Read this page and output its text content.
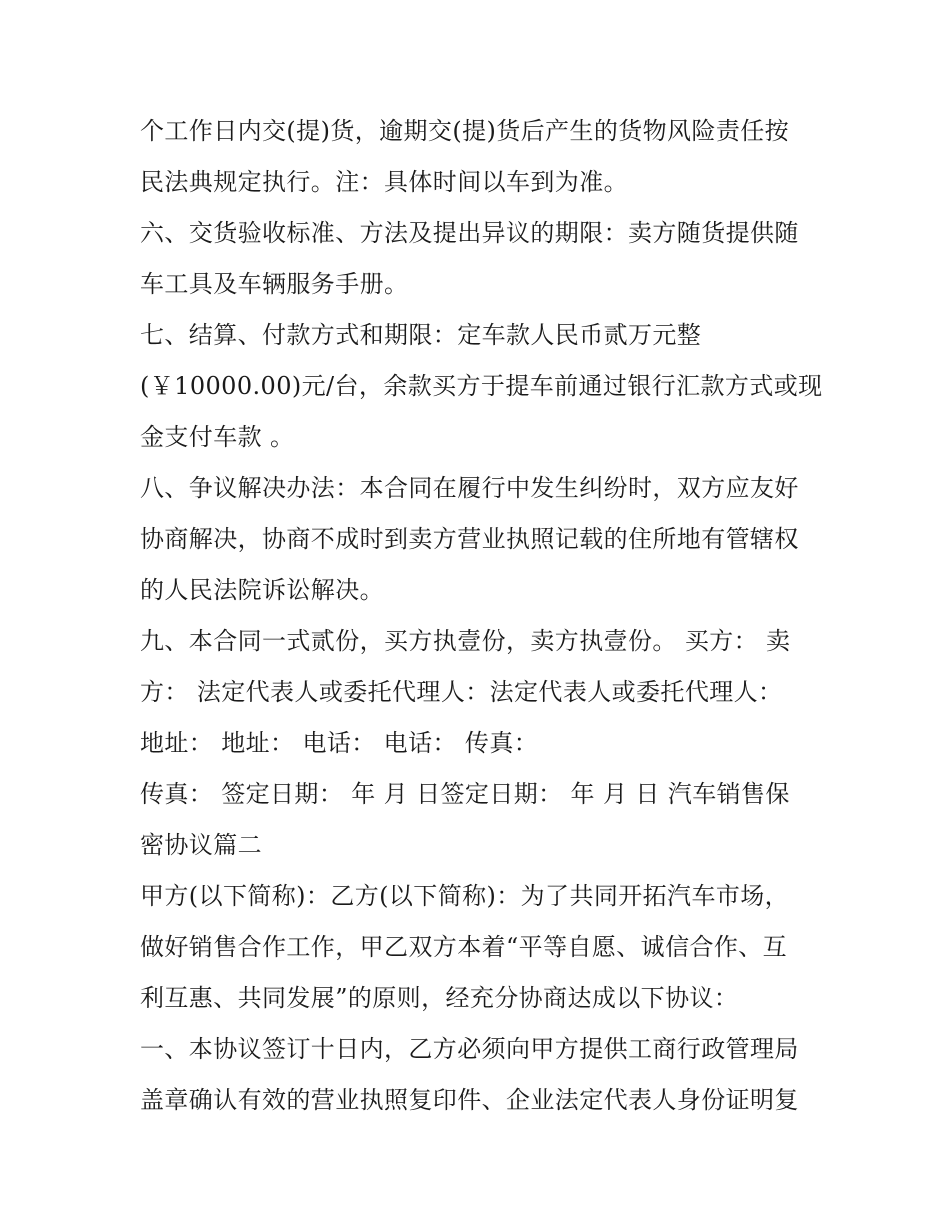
个工作日内交(提)货，逾期交(提)货后产生的货物风险责任按
民法典规定执行。注：具体时间以车到为准。
六、交货验收标准、方法及提出异议的期限：卖方随货提供随
车工具及车辆服务手册。
七、结算、付款方式和期限：定车款人民币贰万元整
(￥10000.00)元/台，余款买方于提车前通过银行汇款方式或现
金支付车款 。
八、争议解决办法：本合同在履行中发生纠纷时，双方应友好
协商解决，协商不成时到卖方营业执照记载的住所地有管辖权
的人民法院诉讼解决。
九、本合同一式贰份，买方执壹份，卖方执壹份。 买方： 卖
方： 法定代表人或委托代理人：法定代表人或委托代理人：
地址： 地址： 电话： 电话： 传真：
传真： 签定日期： 年 月 日签定日期： 年 月 日 汽车销售保
密协议篇二
甲方(以下简称)：乙方(以下简称)：为了共同开拓汽车市场，
做好销售合作工作，甲乙双方本着“平等自愿、诚信合作、互
利互惠、共同发展”的原则，经充分协商达成以下协议：
一、本协议签订十日内，乙方必须向甲方提供工商行政管理局
盖章确认有效的营业执照复印件、企业法定代表人身份证明复
